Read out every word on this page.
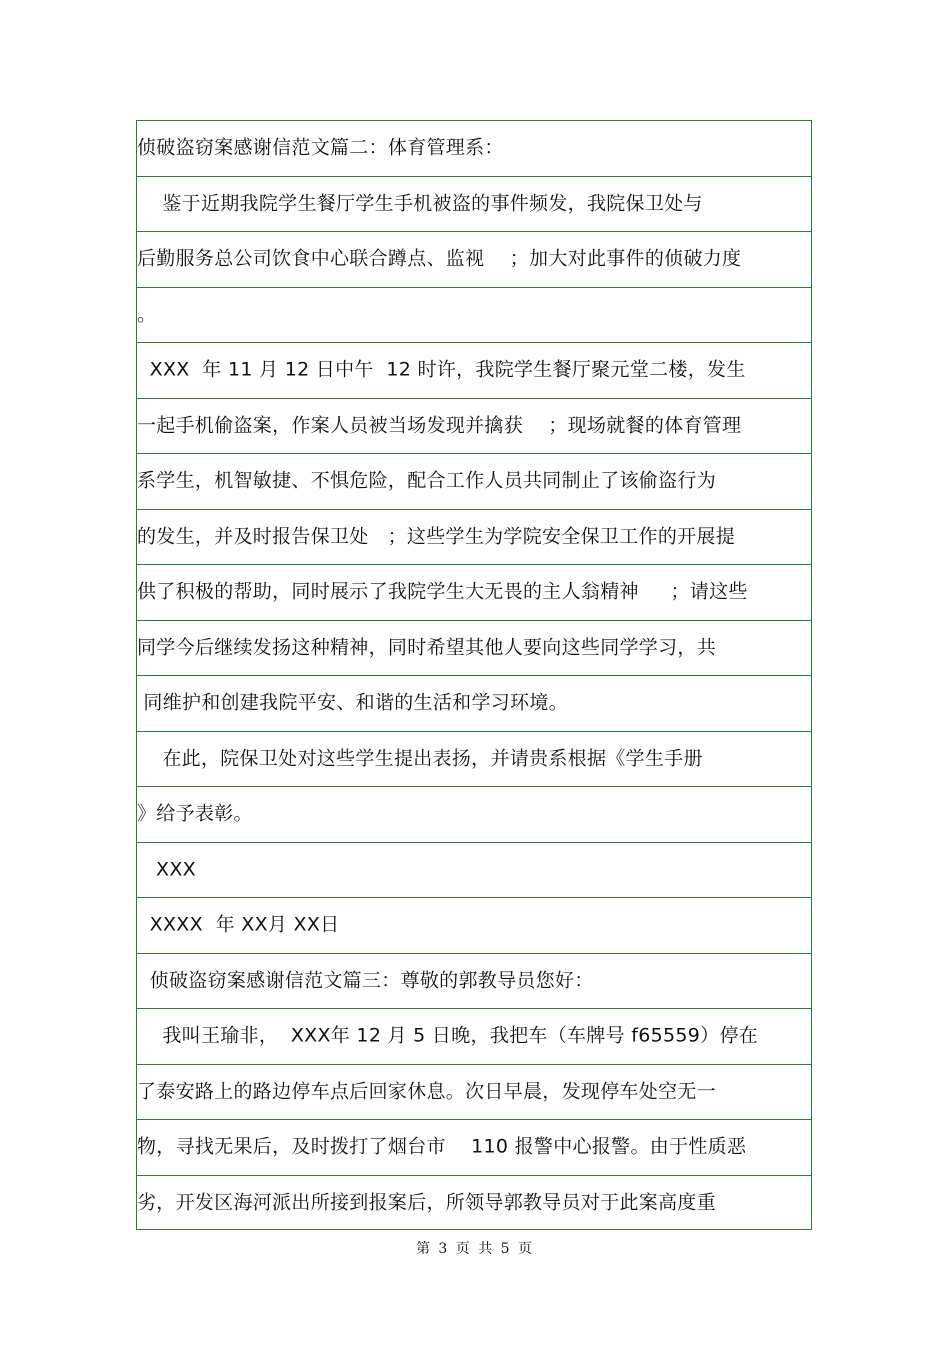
侦破盗窃案感谢信范文篇二：体育管理系：
鉴于近期我院学生餐厅学生手机被盗的事件频发，我院保卫处与
后勤服务总公司饮食中心联合蹲点、监视    ；加大对此事件的侦破力度
。
XXX  年 11 月 12 日中午  12 时许，我院学生餐厅聚元堂二楼，发生
一起手机偷盗案，作案人员被当场发现并擒获    ；现场就餐的体育管理
系学生，机智敏捷、不惧危险，配合工作人员共同制止了该偷盗行为
的发生，并及时报告保卫处   ；这些学生为学院安全保卫工作的开展提
供了积极的帮助，同时展示了我院学生大无畏的主人翁精神     ；请这些
同学今后继续发扬这种精神，同时希望其他人要向这些同学学习，共
同维护和创建我院平安、和谐的生活和学习环境。
在此，院保卫处对这些学生提出表扬，并请贵系根据《学生手册
》给予表彰。
XXX
XXXX  年 XX月 XX日
侦破盗窃案感谢信范文篇三：尊敬的郭教导员您好：
我叫王瑜非，  XXX年 12 月 5 日晚，我把车（车牌号 f65559）停在
了泰安路上的路边停车点后回家休息。次日早晨，发现停车处空无一
物，寻找无果后，及时拨打了烟台市    110 报警中心报警。由于性质恶
劣，开发区海河派出所接到报案后，所领导郭教导员对于此案高度重
第 3 页 共 5 页
